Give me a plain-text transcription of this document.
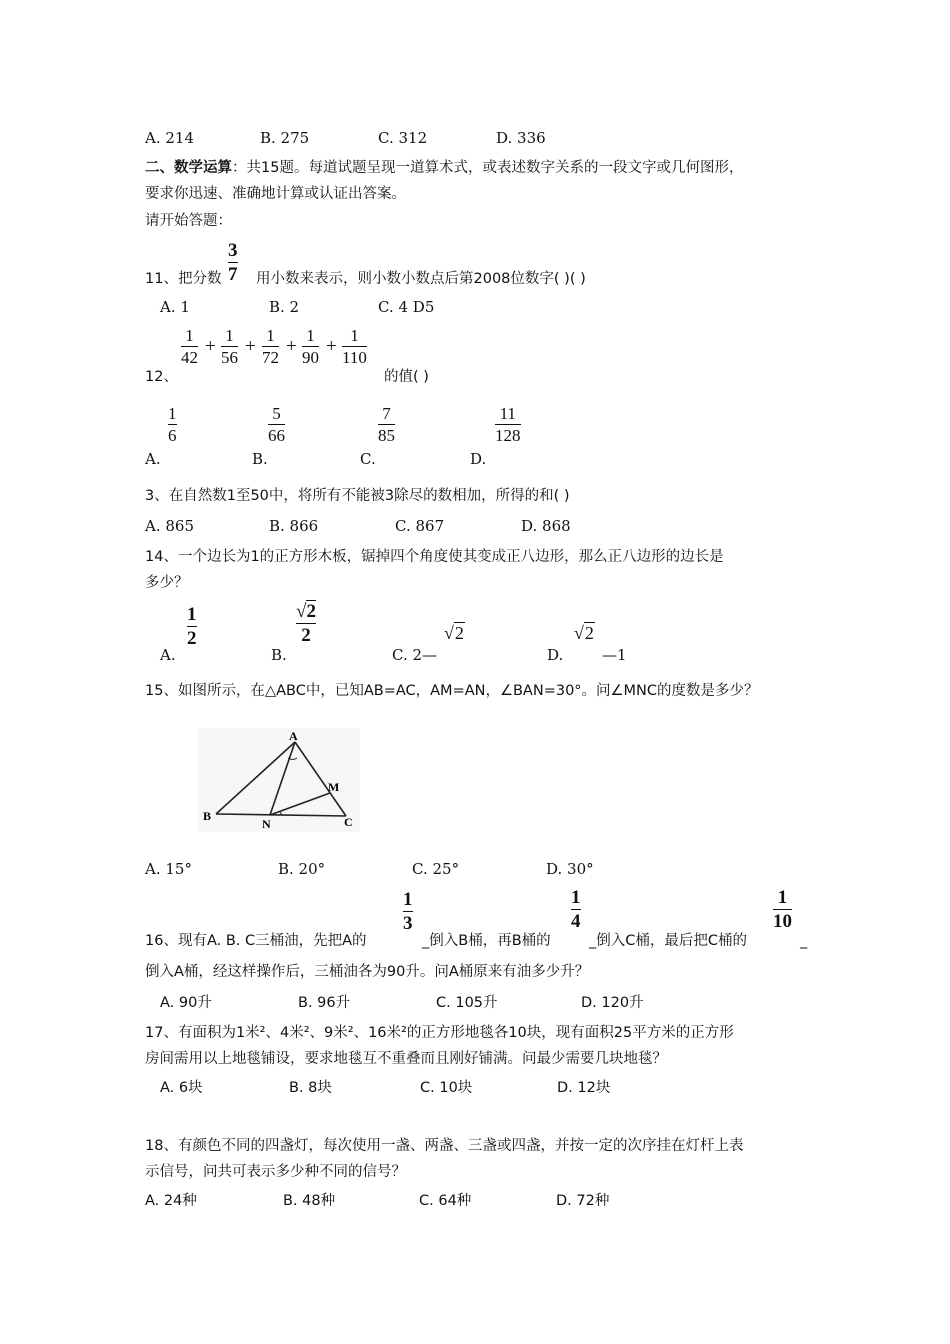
A. 214	B. 275	C. 312	D. 336
二、数学运算：共15题。每道试题呈现一道算术式，或表述数字关系的一段文字或几何图形，
要求你迅速、准确地计算或认证出答案。
请开始答题：
11、把分数
3
7 用小数来表示，则小数小数点后第2008位数字( )( )
A. 1	B. 2	C. 4 D5
1
42
+
1
56
+
1
72
+
1
90
+
1
110
12、	的值( )
1
6
5
66
7
85
11
128
A.	B.	C.	D.
3、在自然数1至50中，将所有不能被3除尽的数相加，所得的和( )
A. 865	B. 866	C. 867	D. 868
14、一个边长为1的正方形木板，锯掉四个角度使其变成正八边形，那么正八边形的边长是
多少？
1
2
A.
√2
2
B.	C. 2—
√2
D.
√2
—1
15、如图所示，在△ABC中，已知AB=AC，AM=AN，∠BAN=30°。问∠MNC的度数是多少？
A
B	C
M
N
A. 15°	B. 20°	C. 25°	D. 30°
1
3
1
4
1
10
16、现有A. B. C三桶油，先把A的	_倒入B桶，再B桶的	_倒入C桶，最后把C桶的	_
倒入A桶，经这样操作后，三桶油各为90升。问A桶原来有油多少升？
A. 90升	B. 96升	C. 105升	D. 120升
17、有面积为1米²、4米²、9米²、16米²的正方形地毯各10块，现有面积25平方米的正方形
房间需用以上地毯铺设，要求地毯互不重叠而且刚好铺满。问最少需要几块地毯？
A. 6块	B. 8块	C. 10块	D. 12块
18、有颜色不同的四盏灯，每次使用一盏、两盏、三盏或四盏，并按一定的次序挂在灯杆上表
示信号，问共可表示多少种不同的信号？
A. 24种	B. 48种	C. 64种	D. 72种
